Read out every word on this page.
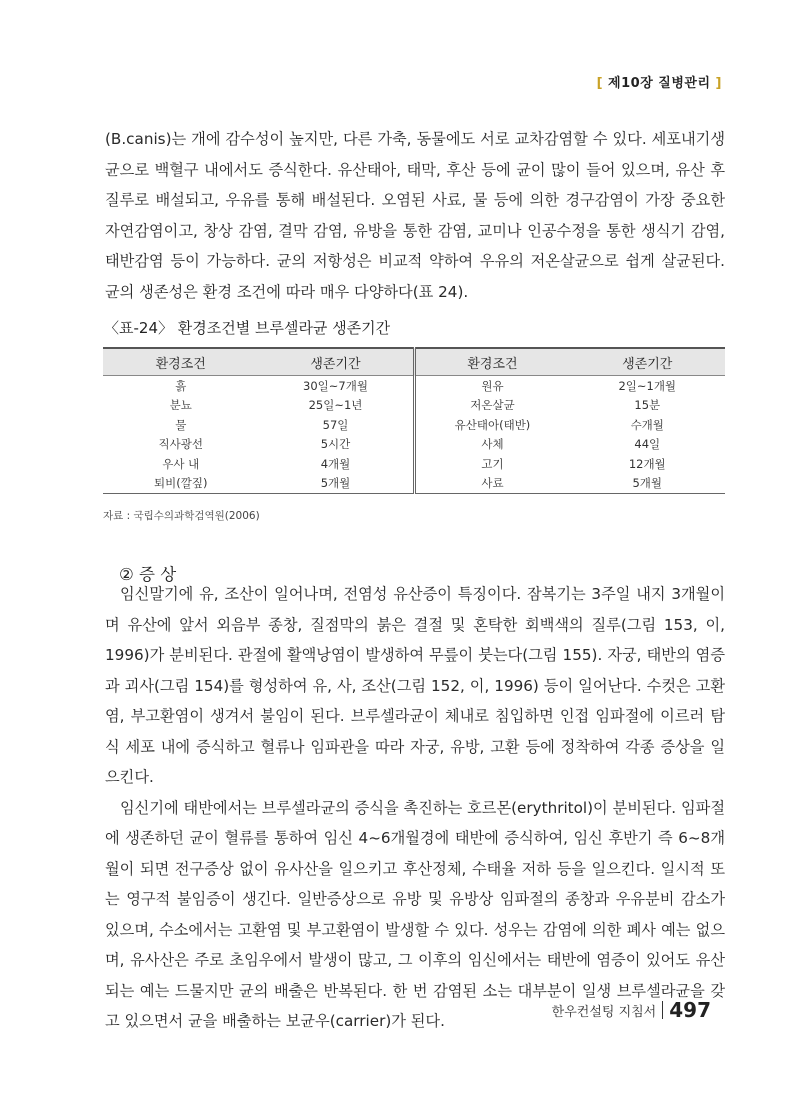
[ 제10장 질병관리 ]

(B.canis)는 개에 감수성이 높지만, 다른 가축, 동물에도 서로 교차감염할 수 있다. 세포내기생균으로 백혈구 내에서도 증식한다. 유산태아, 태막, 후산 등에 균이 많이 들어 있으며, 유산 후 질루로 배설되고, 우유를 통해 배설된다. 오염된 사료, 물 등에 의한 경구감염이 가장 중요한 자연감염이고, 창상 감염, 결막 감염, 유방을 통한 감염, 교미나 인공수정을 통한 생식기 감염, 태반감염 등이 가능하다. 균의 저항성은 비교적 약하여 우유의 저온살균으로 쉽게 살균된다. 균의 생존성은 환경 조건에 따라 매우 다양하다(표 24).

〈표-24〉 환경조건별 브루셀라균 생존기간
환경조건	생존기간	환경조건	생존기간
흙	30일~7개월	원유	2일~1개월
분뇨	25일~1년	저온살균	15분
물	57일	유산태아(태반)	수개월
직사광선	5시간	사체	44일
우사 내	4개월	고기	12개월
퇴비(깔짚)	5개월	사료	5개월
자료 : 국립수의과학검역원(2006)
② 증 상

임신말기에 유, 조산이 일어나며, 전염성 유산증이 특징이다. 잠복기는 3주일 내지 3개월이며 유산에 앞서 외음부 종창, 질점막의 붉은 결절 및 혼탁한 회백색의 질루(그림 153, 이, 1996)가 분비된다. 관절에 활액낭염이 발생하여 무릎이 붓는다(그림 155). 자궁, 태반의 염증과 괴사(그림 154)를 형성하여 유, 사, 조산(그림 152, 이, 1996) 등이 일어난다. 수컷은 고환염, 부고환염이 생겨서 불임이 된다. 브루셀라균이 체내로 침입하면 인접 임파절에 이르러 탐식 세포 내에 증식하고 혈류나 임파관을 따라 자궁, 유방, 고환 등에 정착하여 각종 증상을 일으킨다.

임신기에 태반에서는 브루셀라균의 증식을 촉진하는 호르몬(erythritol)이 분비된다. 임파절에 생존하던 균이 혈류를 통하여 임신 4~6개월경에 태반에 증식하여, 임신 후반기 즉 6~8개월이 되면 전구증상 없이 유사산을 일으키고 후산정체, 수태율 저하 등을 일으킨다. 일시적 또는 영구적 불임증이 생긴다. 일반증상으로 유방 및 유방상 임파절의 종창과 우유분비 감소가 있으며, 수소에서는 고환염 및 부고환염이 발생할 수 있다. 성우는 감염에 의한 폐사 예는 없으며, 유사산은 주로 초임우에서 발생이 많고, 그 이후의 임신에서는 태반에 염증이 있어도 유산되는 예는 드물지만 균의 배출은 반복된다. 한 번 감염된 소는 대부분이 일생 브루셀라균을 갖고 있으면서 균을 배출하는 보균우(carrier)가 된다.	한우컨설팅 지침서 497
